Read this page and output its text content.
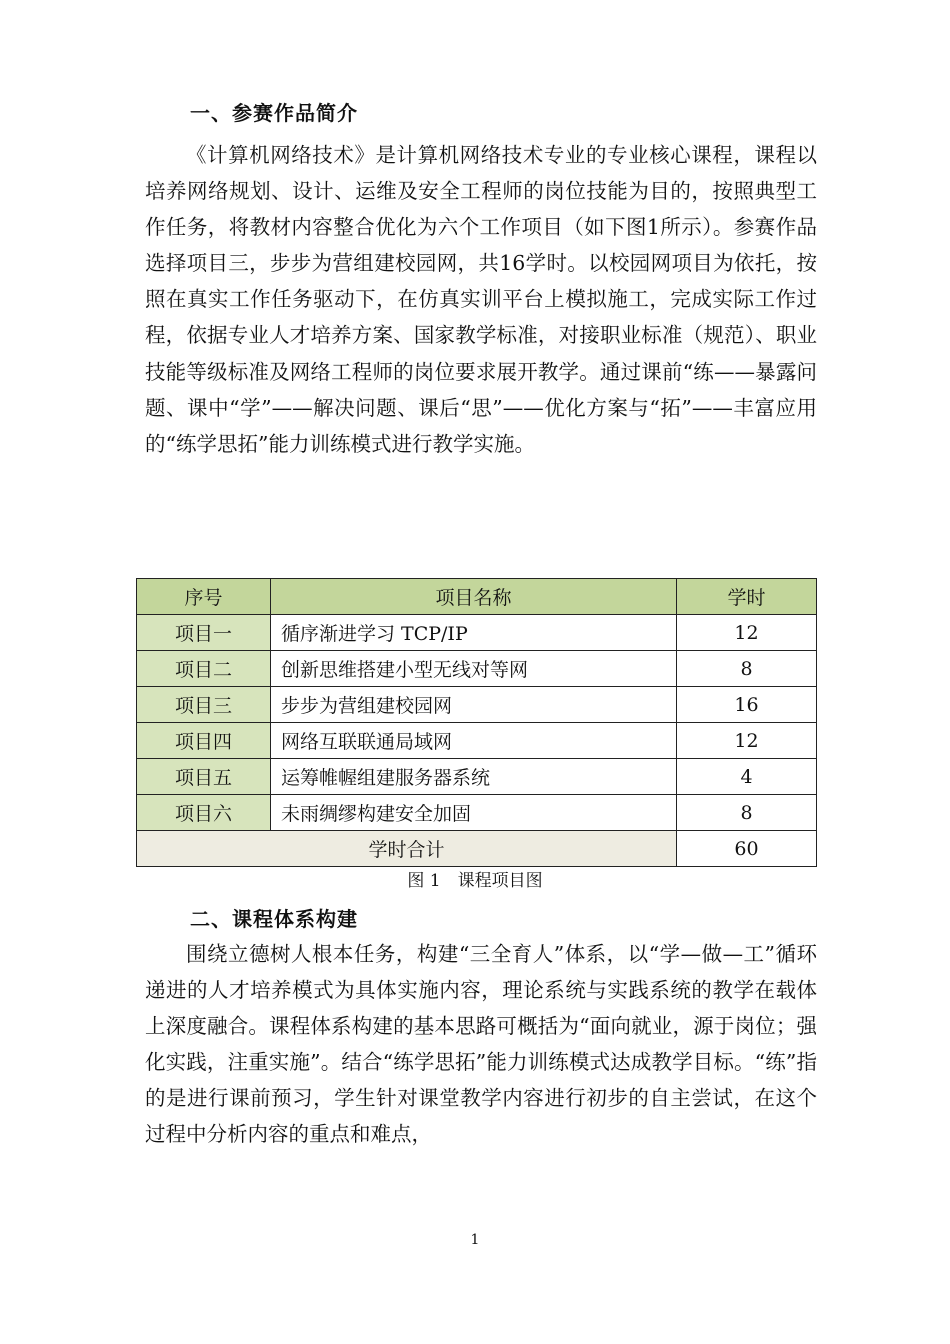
一、参赛作品简介

《计算机网络技术》是计算机网络技术专业的专业核心课程，课程以培养网络规划、设计、运维及安全工程师的岗位技能为目的，按照典型工作任务，将教材内容整合优化为六个工作项目（如下图1所示）。参赛作品选择项目三，步步为营组建校园网，共16学时。以校园网项目为依托，按照在真实工作任务驱动下，在仿真实训平台上模拟施工，完成实际工作过程，依据专业人才培养方案、国家教学标准，对接职业标准（规范）、职业技能等级标准及网络工程师的岗位要求展开教学。通过课前“练——暴露问题、课中“学”——解决问题、课后“思”——优化方案与“拓”——丰富应用的“练学思拓”能力训练模式进行教学实施。

序号	项目名称	学时
项目一	循序渐进学习 TCP/IP	12
项目二	创新思维搭建小型无线对等网	8
项目三	步步为营组建校园网	16
项目四	网络互联联通局域网	12
项目五	运筹帷幄组建服务器系统	4
项目六	未雨绸缪构建安全加固	8
学时合计		60
图 1　课程项目图
二、课程体系构建

围绕立德树人根本任务，构建“三全育人”体系，以“学—做—工”循环递进的人才培养模式为具体实施内容，理论系统与实践系统的教学在载体上深度融合。课程体系构建的基本思路可概括为“面向就业，源于岗位；强化实践，注重实施”。结合“练学思拓”能力训练模式达成教学目标。“练”指的是进行课前预习，学生针对课堂教学内容进行初步的自主尝试，在这个过程中分析内容的重点和难点，

1
